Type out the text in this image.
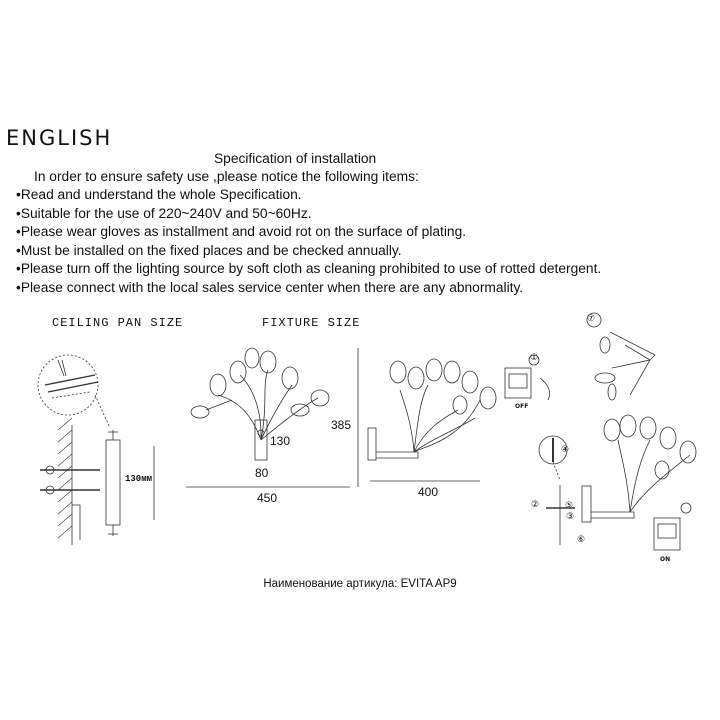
ENGLISH
Specification of installation
In order to ensure safety use ,please notice the following items:
•Read and understand the whole Specification.
•Suitable for the use of 220~240V and 50~60Hz.
•Please wear gloves as installment and avoid rot on the surface of plating.
•Must be installed on the fixed places and be checked annually.
•Please turn off the lighting source by soft cloth as cleaning prohibited to use of rotted detergent.
•Please connect with the local sales service center when there are any abnormality.
CEILING PAN SIZE	FIXTURE SIZE
130мм
130
80
450
385
400
OFF
ON
①
②
③
④
⑤
⑥
⑦
Наименование артикула: EVITA AP9
